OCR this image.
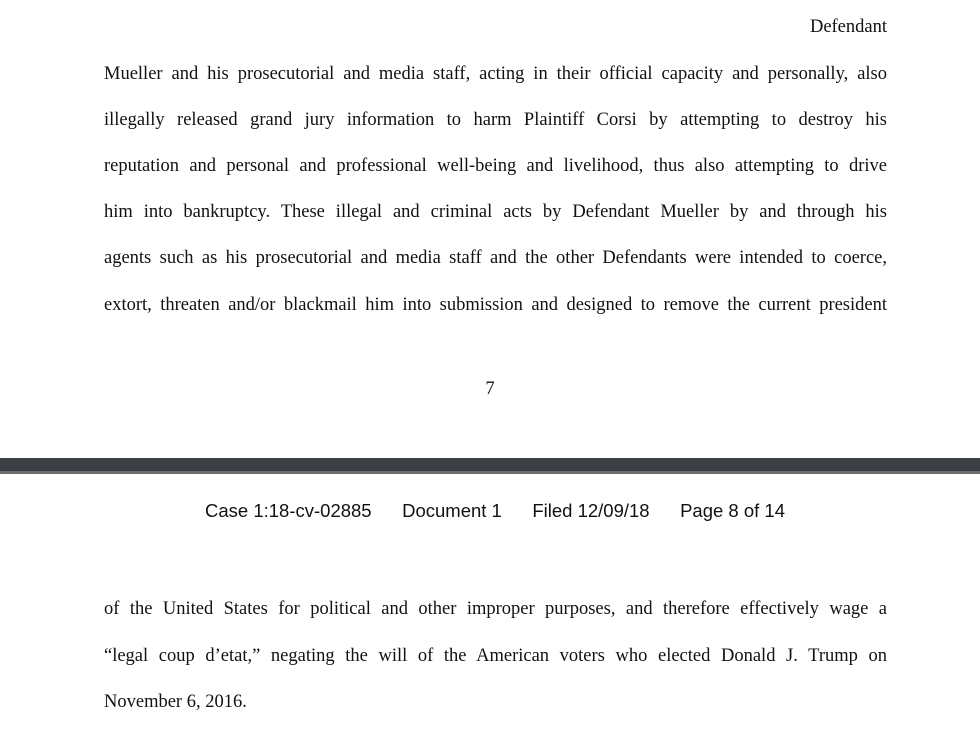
Defendant
Mueller and his prosecutorial and media staff, acting in their official capacity and personally, also
illegally released grand jury information to harm Plaintiff Corsi by attempting to destroy his
reputation and personal and professional well-being and livelihood, thus also attempting to drive
him into bankruptcy. These illegal and criminal acts by Defendant Mueller by and through his
agents such as his prosecutorial and media staff and the other Defendants were intended to coerce,
extort, threaten and/or blackmail him into submission and designed to remove the current president
7
Case 1:18-cv-02885 Document 1 Filed 12/09/18 Page 8 of 14
of the United States for political and other improper purposes, and therefore effectively wage a
“legal coup d’etat,” negating the will of the American voters who elected Donald J. Trump on
November 6, 2016.
